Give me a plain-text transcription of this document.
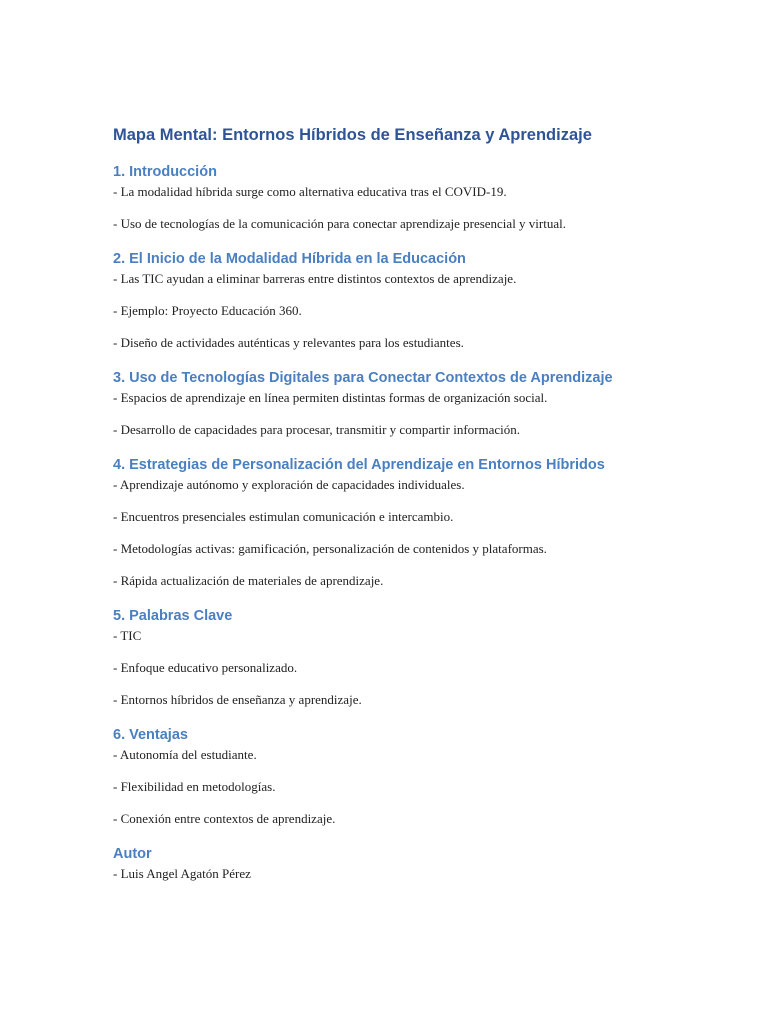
Mapa Mental: Entornos Híbridos de Enseñanza y Aprendizaje
1. Introducción
- La modalidad híbrida surge como alternativa educativa tras el COVID-19.
- Uso de tecnologías de la comunicación para conectar aprendizaje presencial y virtual.
2. El Inicio de la Modalidad Híbrida en la Educación
- Las TIC ayudan a eliminar barreras entre distintos contextos de aprendizaje.
- Ejemplo: Proyecto Educación 360.
- Diseño de actividades auténticas y relevantes para los estudiantes.
3. Uso de Tecnologías Digitales para Conectar Contextos de Aprendizaje
- Espacios de aprendizaje en línea permiten distintas formas de organización social.
- Desarrollo de capacidades para procesar, transmitir y compartir información.
4. Estrategias de Personalización del Aprendizaje en Entornos Híbridos
- Aprendizaje autónomo y exploración de capacidades individuales.
- Encuentros presenciales estimulan comunicación e intercambio.
- Metodologías activas: gamificación, personalización de contenidos y plataformas.
- Rápida actualización de materiales de aprendizaje.
5. Palabras Clave
- TIC
- Enfoque educativo personalizado.
- Entornos híbridos de enseñanza y aprendizaje.
6. Ventajas
- Autonomía del estudiante.
- Flexibilidad en metodologías.
- Conexión entre contextos de aprendizaje.
Autor
- Luis Angel Agatón Pérez
